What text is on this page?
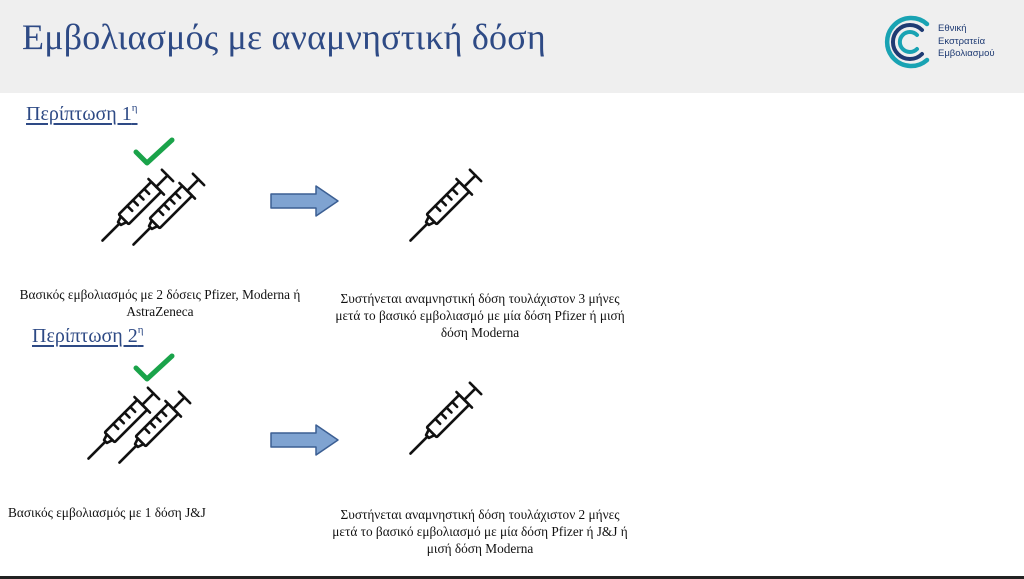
Εμβολιασμός με αναμνηστική δόση	Εθνική
Εκστρατεία
Εμβολιασμού
Περίπτωση $1^\eta$
Βασικός εμβολιασμός με 2 δόσεις Pfizer, Moderna ή AstraZeneca
Συστήνεται αναμνηστική δόση τουλάχιστον 3 μήνες μετά το βασικό εμβολιασμό με μία δόση Pfizer ή μισή δόση Moderna
Περίπτωση $2^\eta$
Βασικός εμβολιασμός με 1 δόση J&J	Συστήνεται αναμνηστική δόση τουλάχιστον 2 μήνες μετά το βασικό εμβολιασμό με μία δόση Pfizer ή J&J ή μισή δόση Moderna
